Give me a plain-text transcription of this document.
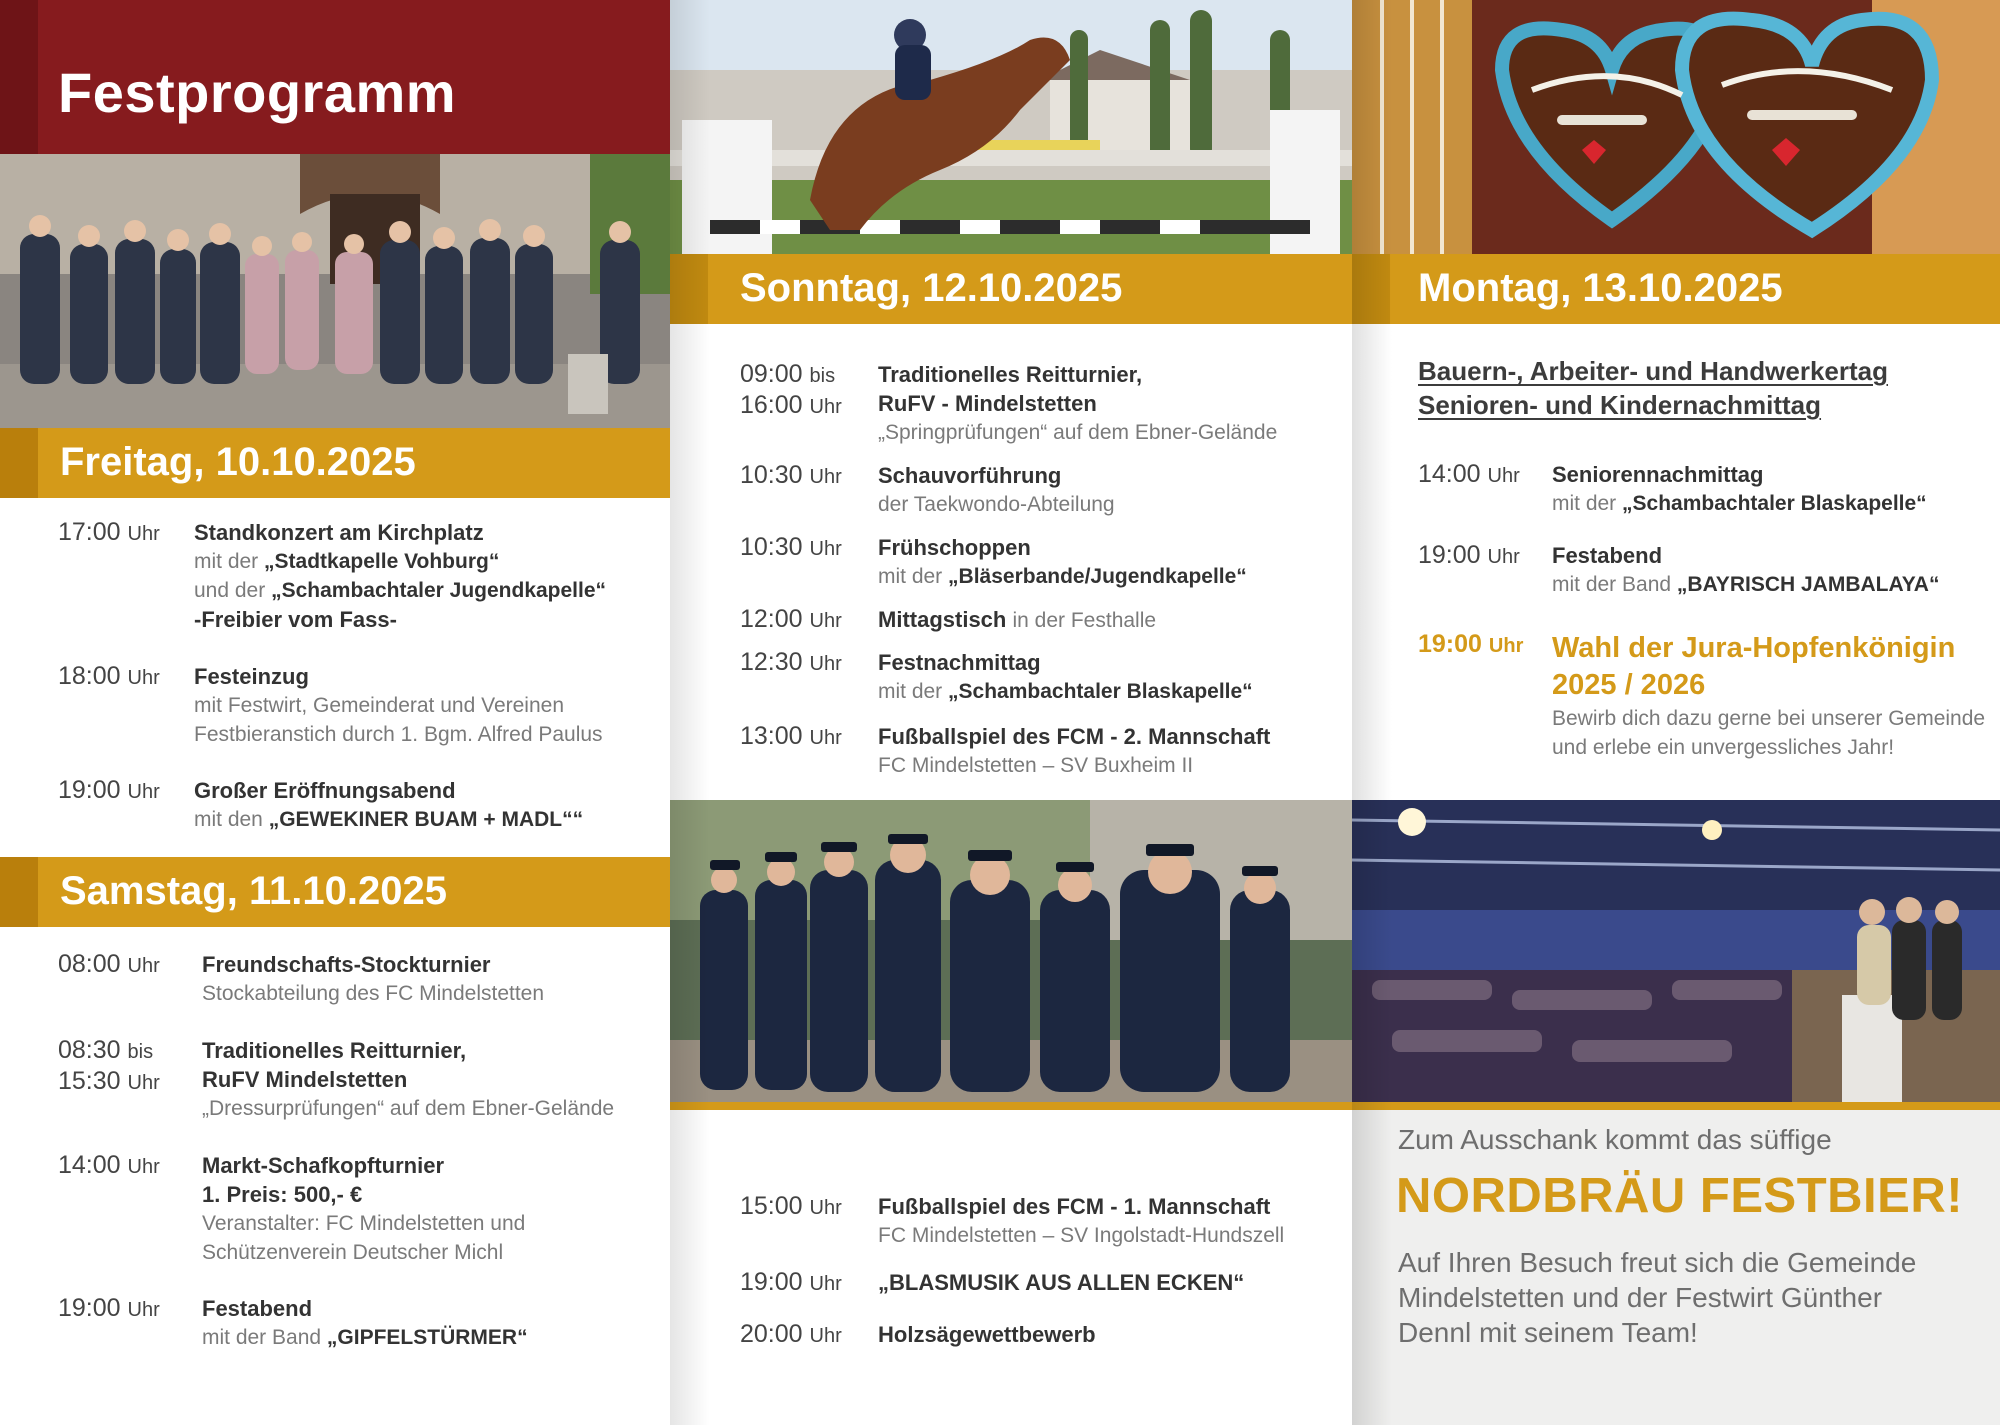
Festprogramm
Freitag, 10.10.2025
17:00 Uhr Standkonzert am Kirchplatz
mit der „Stadtkapelle Vohburg“
und der „Schambachtaler Jugendkapelle“
-Freibier vom Fass-
18:00 Uhr Festeinzug
mit Festwirt, Gemeinderat und Vereinen
Festbieranstich durch 1. Bgm. Alfred Paulus
19:00 Uhr Großer Eröffnungsabend
mit den „GEWEKINER BUAM + MADL““
Samstag, 11.10.2025
08:00 Uhr Freundschafts-Stockturnier
Stockabteilung des FC Mindelstetten
08:30 bis
15:30 Uhr
Traditionelles Reitturnier,
RuFV Mindelstetten
„Dressurprüfungen“ auf dem Ebner-Gelände
14:00 Uhr Markt-Schafkopfturnier
1. Preis: 500,- €
Veranstalter: FC Mindelstetten und
Schützenverein Deutscher Michl
19:00 Uhr Festabend
mit der Band „GIPFELSTÜRMER“
Sonntag, 12.10.2025
09:00 bis
16:00 Uhr
Traditionelles Reitturnier,
RuFV - Mindelstetten
„Springprüfungen“ auf dem Ebner-Gelände
10:30 Uhr Schauvorführung
der Taekwondo-Abteilung
10:30 Uhr Frühschoppen
mit der „Bläserbande/Jugendkapelle“
12:00 Uhr Mittagstisch in der Festhalle
12:30 Uhr Festnachmittag
mit der „Schambachtaler Blaskapelle“
13:00 Uhr Fußballspiel des FCM - 2. Mannschaft
FC Mindelstetten – SV Buxheim II
15:00 Uhr Fußballspiel des FCM - 1. Mannschaft
FC Mindelstetten – SV Ingolstadt-Hundszell
19:00 Uhr „BLASMUSIK AUS ALLEN ECKEN“
20:00 Uhr Holzsägewettbewerb
Montag, 13.10.2025
Bauern-, Arbeiter- und Handwerkertag
Senioren- und Kindernachmittag
14:00 Uhr Seniorennachmittag
mit der „Schambachtaler Blaskapelle“
19:00 Uhr Festabend
mit der Band „BAYRISCH JAMBALAYA“
19:00 Uhr Wahl der Jura-Hopfenkönigin
2025 / 2026
Bewirb dich dazu gerne bei unserer Gemeinde
und erlebe ein unvergessliches Jahr!
Zum Ausschank kommt das süffige
NORDBRÄU FESTBIER!
Auf Ihren Besuch freut sich die Gemeinde Mindelstetten und der Festwirt Günther Dennl mit seinem Team!
